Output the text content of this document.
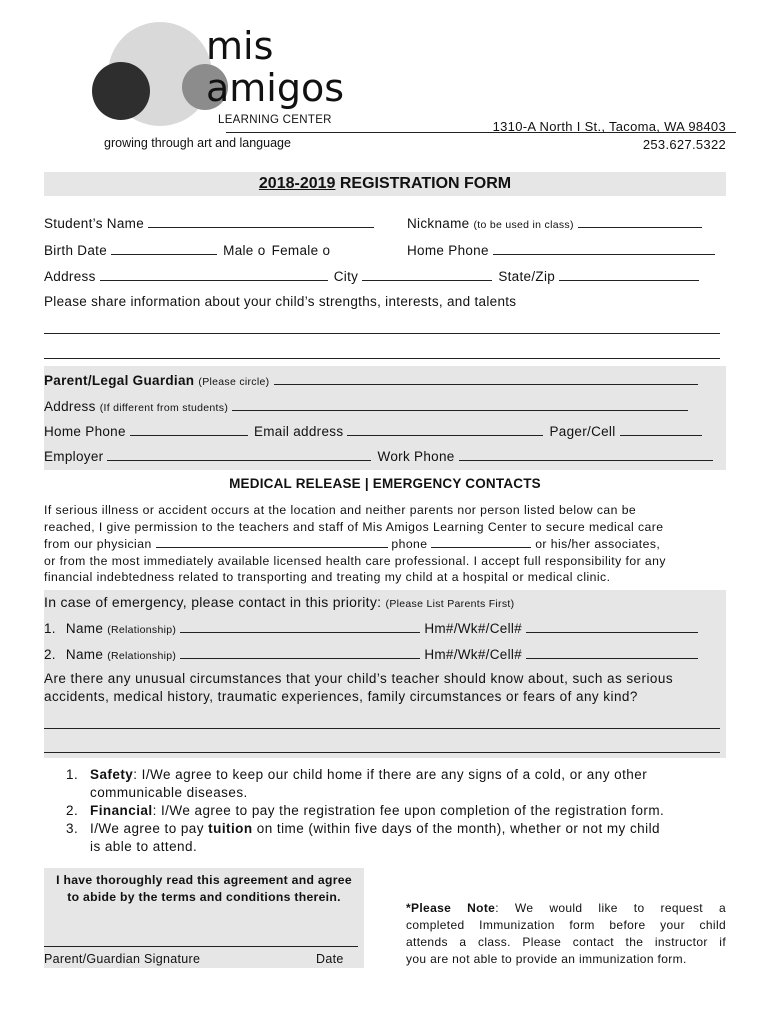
mis
amigos
LEARNING CENTER
growing through art and language
1310-A North I St., Tacoma, WA 98403
253.627.5322
2018-2019 REGISTRATION FORM
Student’s Name	Nickname (to be used in class)
Birth Date	Male o Female o	Home Phone
Address	City	State/Zip
Please share information about your child’s strengths, interests, and talents
Parent/Legal Guardian (Please circle)
Address (If different from students)
Home Phone	Email address	Pager/Cell
Employer	Work Phone
MEDICAL RELEASE | EMERGENCY CONTACTS
If serious illness or accident occurs at the location and neither parents nor person listed below can be
reached, I give permission to the teachers and staff of Mis Amigos Learning Center to secure medical care
from our physician	phone	or his/her associates,
or from the most immediately available licensed health care professional. I accept full responsibility for any
financial indebtedness related to transporting and treating my child at a hospital or medical clinic.
In case of emergency, please contact in this priority: (Please List Parents First)
1. Name (Relationship)	Hm#/Wk#/Cell#
2. Name (Relationship)	Hm#/Wk#/Cell#
Are there any unusual circumstances that your child’s teacher should know about, such as serious
accidents, medical history, traumatic experiences, family circumstances or fears of any kind?
1. Safety: I/We agree to keep our child home if there are any signs of a cold, or any other
communicable diseases.
2. Financial: I/We agree to pay the registration fee upon completion of the registration form.
3. I/We agree to pay tuition on time (within five days of the month), whether or not my child
is able to attend.
I have thoroughly read this agreement and agree
to abide by the terms and conditions therein.
Parent/Guardian Signature	Date
*Please Note: We would like to request a
completed Immunization form before your child
attends a class. Please contact the instructor if
you are not able to provide an immunization form.
